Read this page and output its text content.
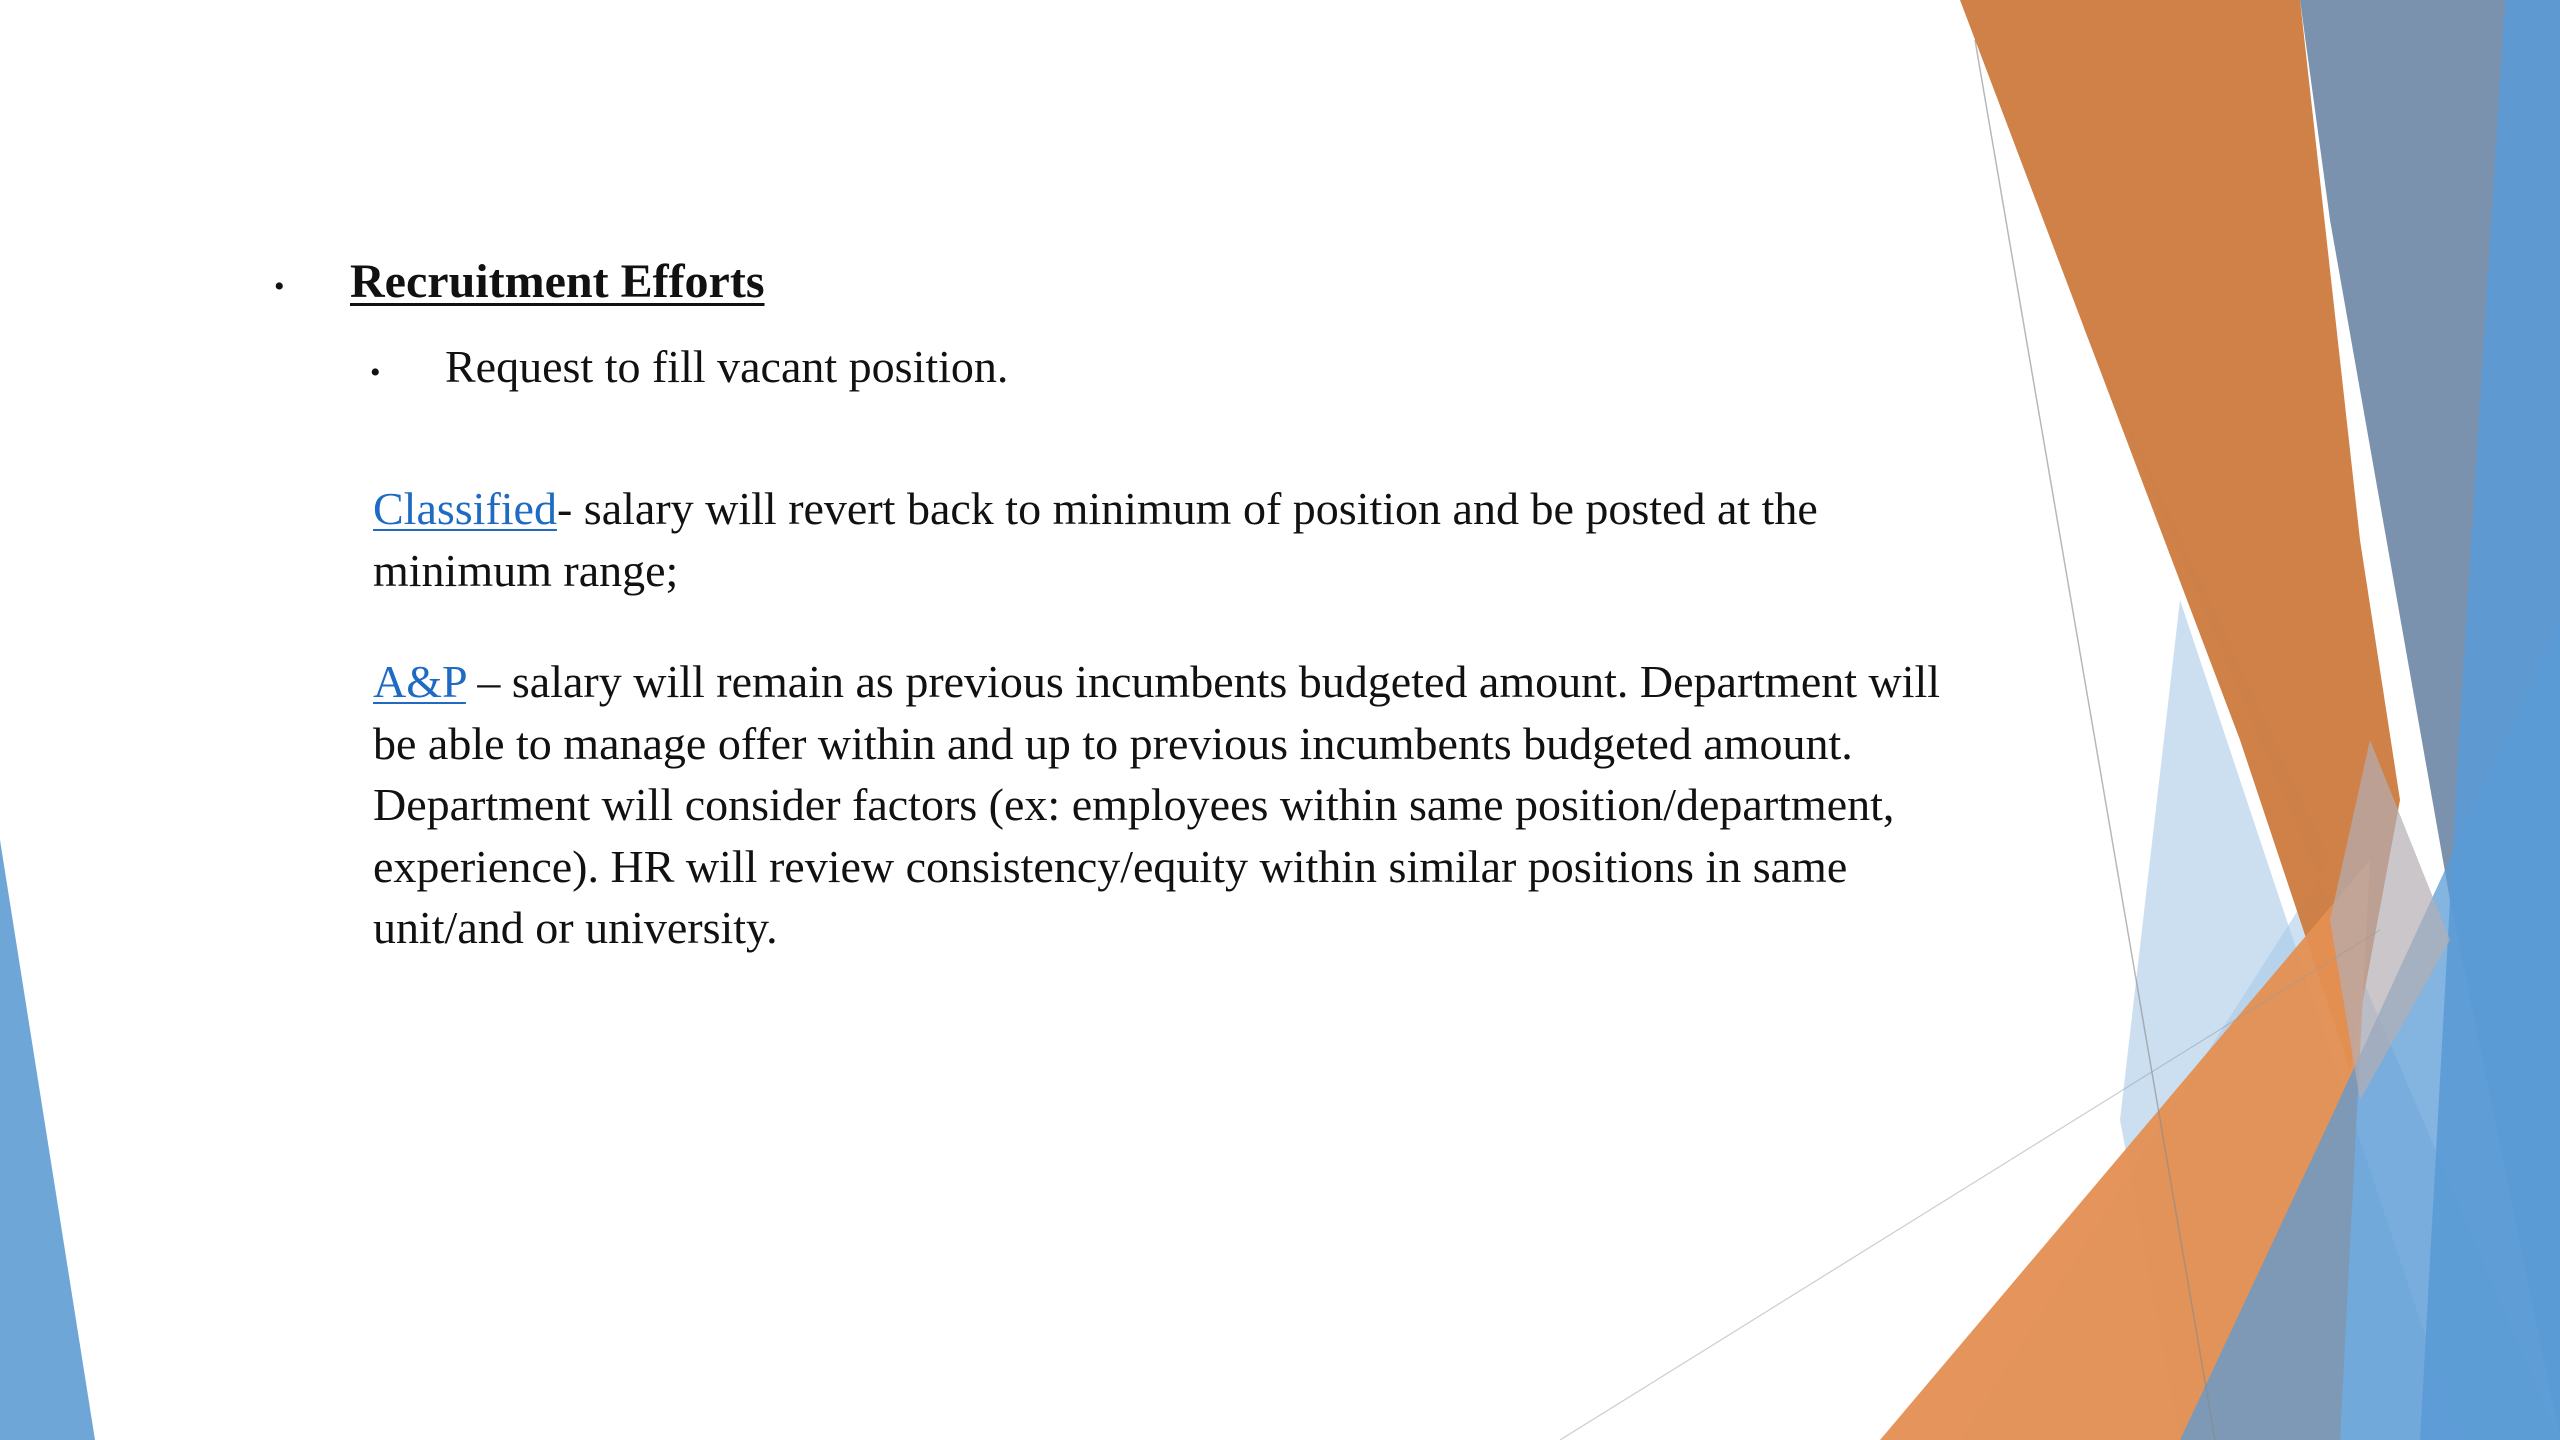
• Recruitment Efforts
• Request to fill vacant position.
Classified- salary will revert back to minimum of position and be posted at the minimum range;
A&P – salary will remain as previous incumbents budgeted amount. Department will be able to manage offer within and up to previous incumbents budgeted amount. Department will consider factors (ex: employees within same position/department, experience). HR will review consistency/equity within similar positions in same unit/and or university.
